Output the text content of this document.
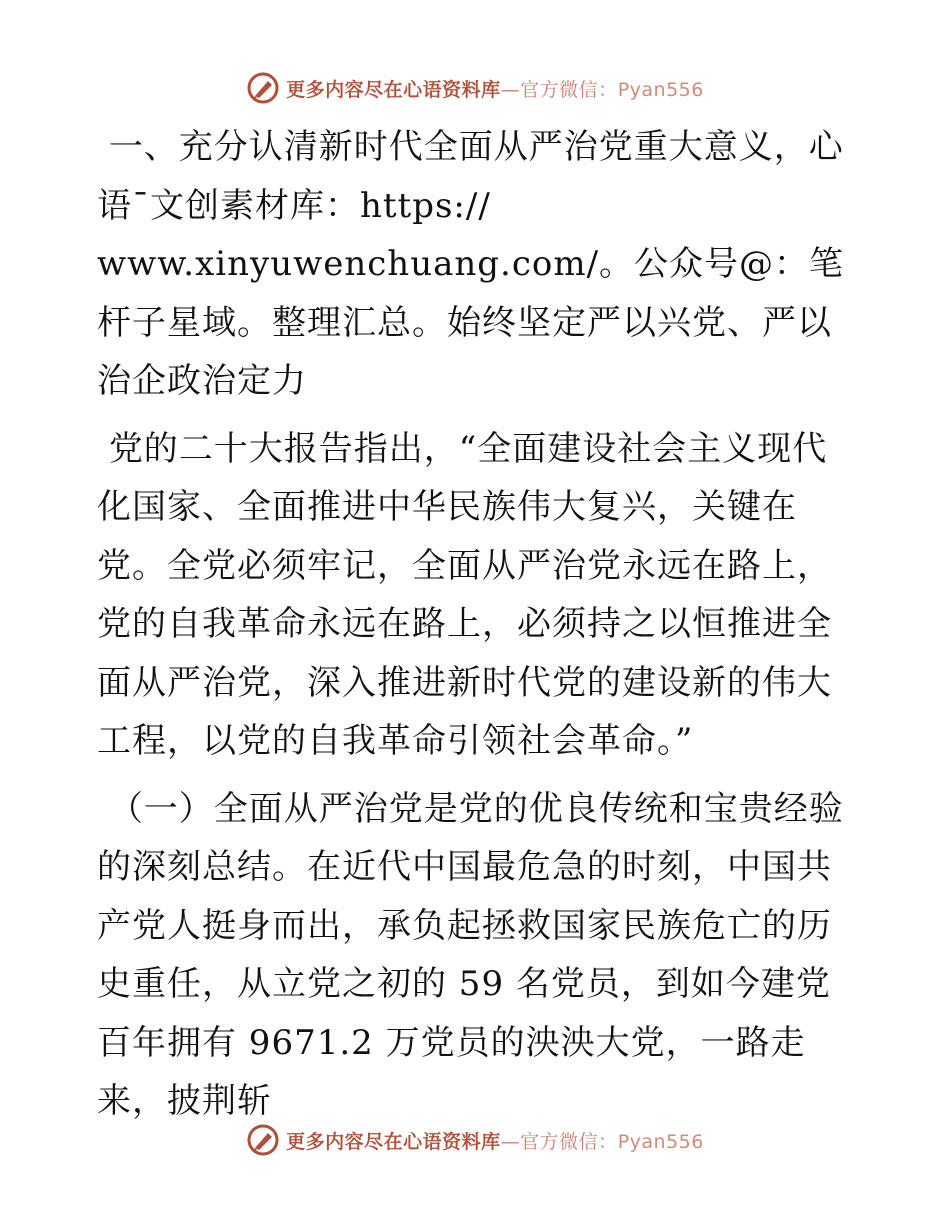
更多内容尽在心语资料库—官方微信：Pyan556

一、充分认清新时代全面从严治党重大意义，心语¯文创素材库：https://
www.xinyuwenchuang.com/。公众号@：笔杆子星域。整理汇总。始终坚定严以兴党、严以治企政治定力

党的二十大报告指出，“全面建设社会主义现代化国家、全面推进中华民族伟大复兴，关键在党。全党必须牢记，全面从严治党永远在路上，党的自我革命永远在路上，必须持之以恒推进全面从严治党，深入推进新时代党的建设新的伟大工程，以党的自我革命引领社会革命。”

（一）全面从严治党是党的优良传统和宝贵经验的深刻总结。在近代中国最危急的时刻，中国共产党人挺身而出，承负起拯救国家民族危亡的历史重任，从立党之初的 59 名党员，到如今建党百年拥有 9671.2 万党员的泱泱大党，一路走来，披荆斩

更多内容尽在心语资料库—官方微信：Pyan556
